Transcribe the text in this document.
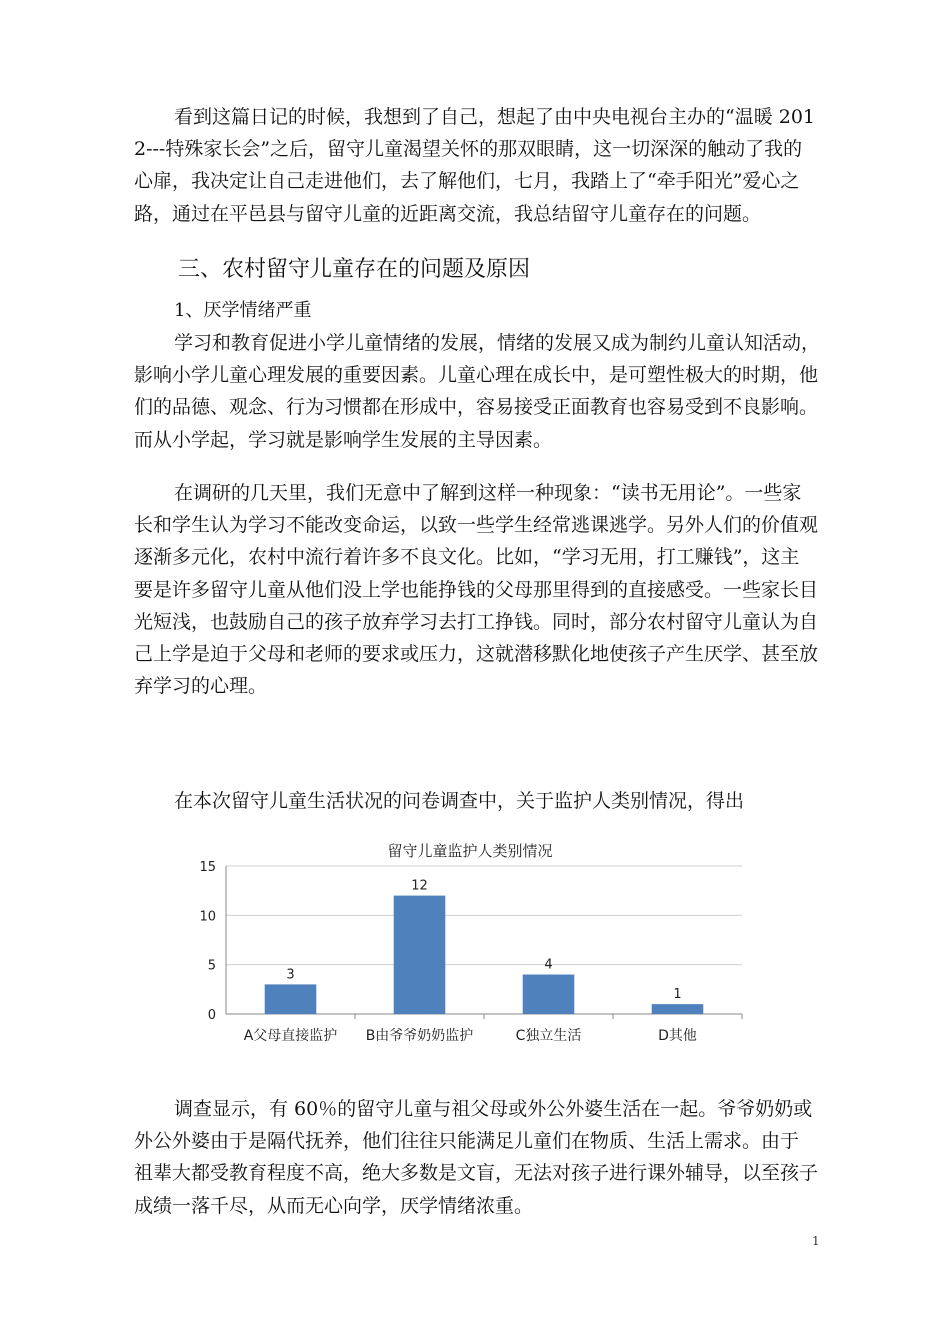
看到这篇日记的时候，我想到了自己，想起了由中央电视台主办的“温暖 201
2---特殊家长会”之后，留守儿童渴望关怀的那双眼睛，这一切深深的触动了我的
心扉，我决定让自己走进他们，去了解他们，七月，我踏上了“牵手阳光”爱心之
路，通过在平邑县与留守儿童的近距离交流，我总结留守儿童存在的问题。
三、农村留守儿童存在的问题及原因
1、厌学情绪严重
学习和教育促进小学儿童情绪的发展，情绪的发展又成为制约儿童认知活动，
影响小学儿童心理发展的重要因素。儿童心理在成长中，是可塑性极大的时期，他
们的品德、观念、行为习惯都在形成中，容易接受正面教育也容易受到不良影响。
而从小学起，学习就是影响学生发展的主导因素。
在调研的几天里，我们无意中了解到这样一种现象：“读书无用论”。一些家
长和学生认为学习不能改变命运，以致一些学生经常逃课逃学。另外人们的价值观
逐渐多元化，农村中流行着许多不良文化。比如，“学习无用，打工赚钱”，这主
要是许多留守儿童从他们没上学也能挣钱的父母那里得到的直接感受。一些家长目
光短浅，也鼓励自己的孩子放弃学习去打工挣钱。同时，部分农村留守儿童认为自
己上学是迫于父母和老师的要求或压力，这就潜移默化地使孩子产生厌学、甚至放
弃学习的心理。
在本次留守儿童生活状况的问卷调查中，关于监护人类别情况，得出
留守儿童监护人类别情况
0
5
10
15
3
A父母直接监护
12
B由爷爷奶奶监护
4
C独立生活
1
D其他
调查显示，有 60％的留守儿童与祖父母或外公外婆生活在一起。爷爷奶奶或
外公外婆由于是隔代抚养，他们往往只能满足儿童们在物质、生活上需求。由于
祖辈大都受教育程度不高，绝大多数是文盲，无法对孩子进行课外辅导，以至孩子
成绩一落千尽，从而无心向学，厌学情绪浓重。
1
